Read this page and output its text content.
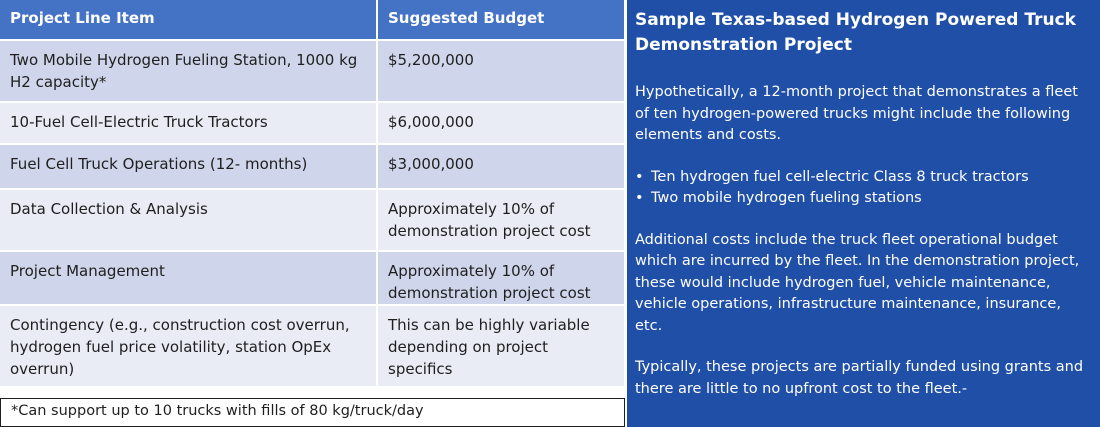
Project Line Item	Suggested Budget
Two Mobile Hydrogen Fueling Station, 1000 kg H2 capacity*	$5,200,000
10-Fuel Cell-Electric Truck Tractors	$6,000,000
Fuel Cell Truck Operations (12- months)	$3,000,000
Data Collection & Analysis	Approximately 10% of demonstration project cost
Project Management	Approximately 10% of demonstration project cost
Contingency (e.g., construction cost overrun, hydrogen fuel price volatility, station OpEx overrun)	This can be highly variable depending on project specifics
*Can support up to 10 trucks with fills of 80 kg/truck/day
Sample Texas-based Hydrogen Powered Truck Demonstration Project

Hypothetically, a 12-month project that demonstrates a fleet of ten hydrogen-powered trucks might include the following elements and costs.

• Ten hydrogen fuel cell-electric Class 8 truck tractors
• Two mobile hydrogen fueling stations

Additional costs include the truck fleet operational budget which are incurred by the fleet. In the demonstration project, these would include hydrogen fuel, vehicle maintenance, vehicle operations, infrastructure maintenance, insurance, etc.

Typically, these projects are partially funded using grants and there are little to no upfront cost to the fleet.-
